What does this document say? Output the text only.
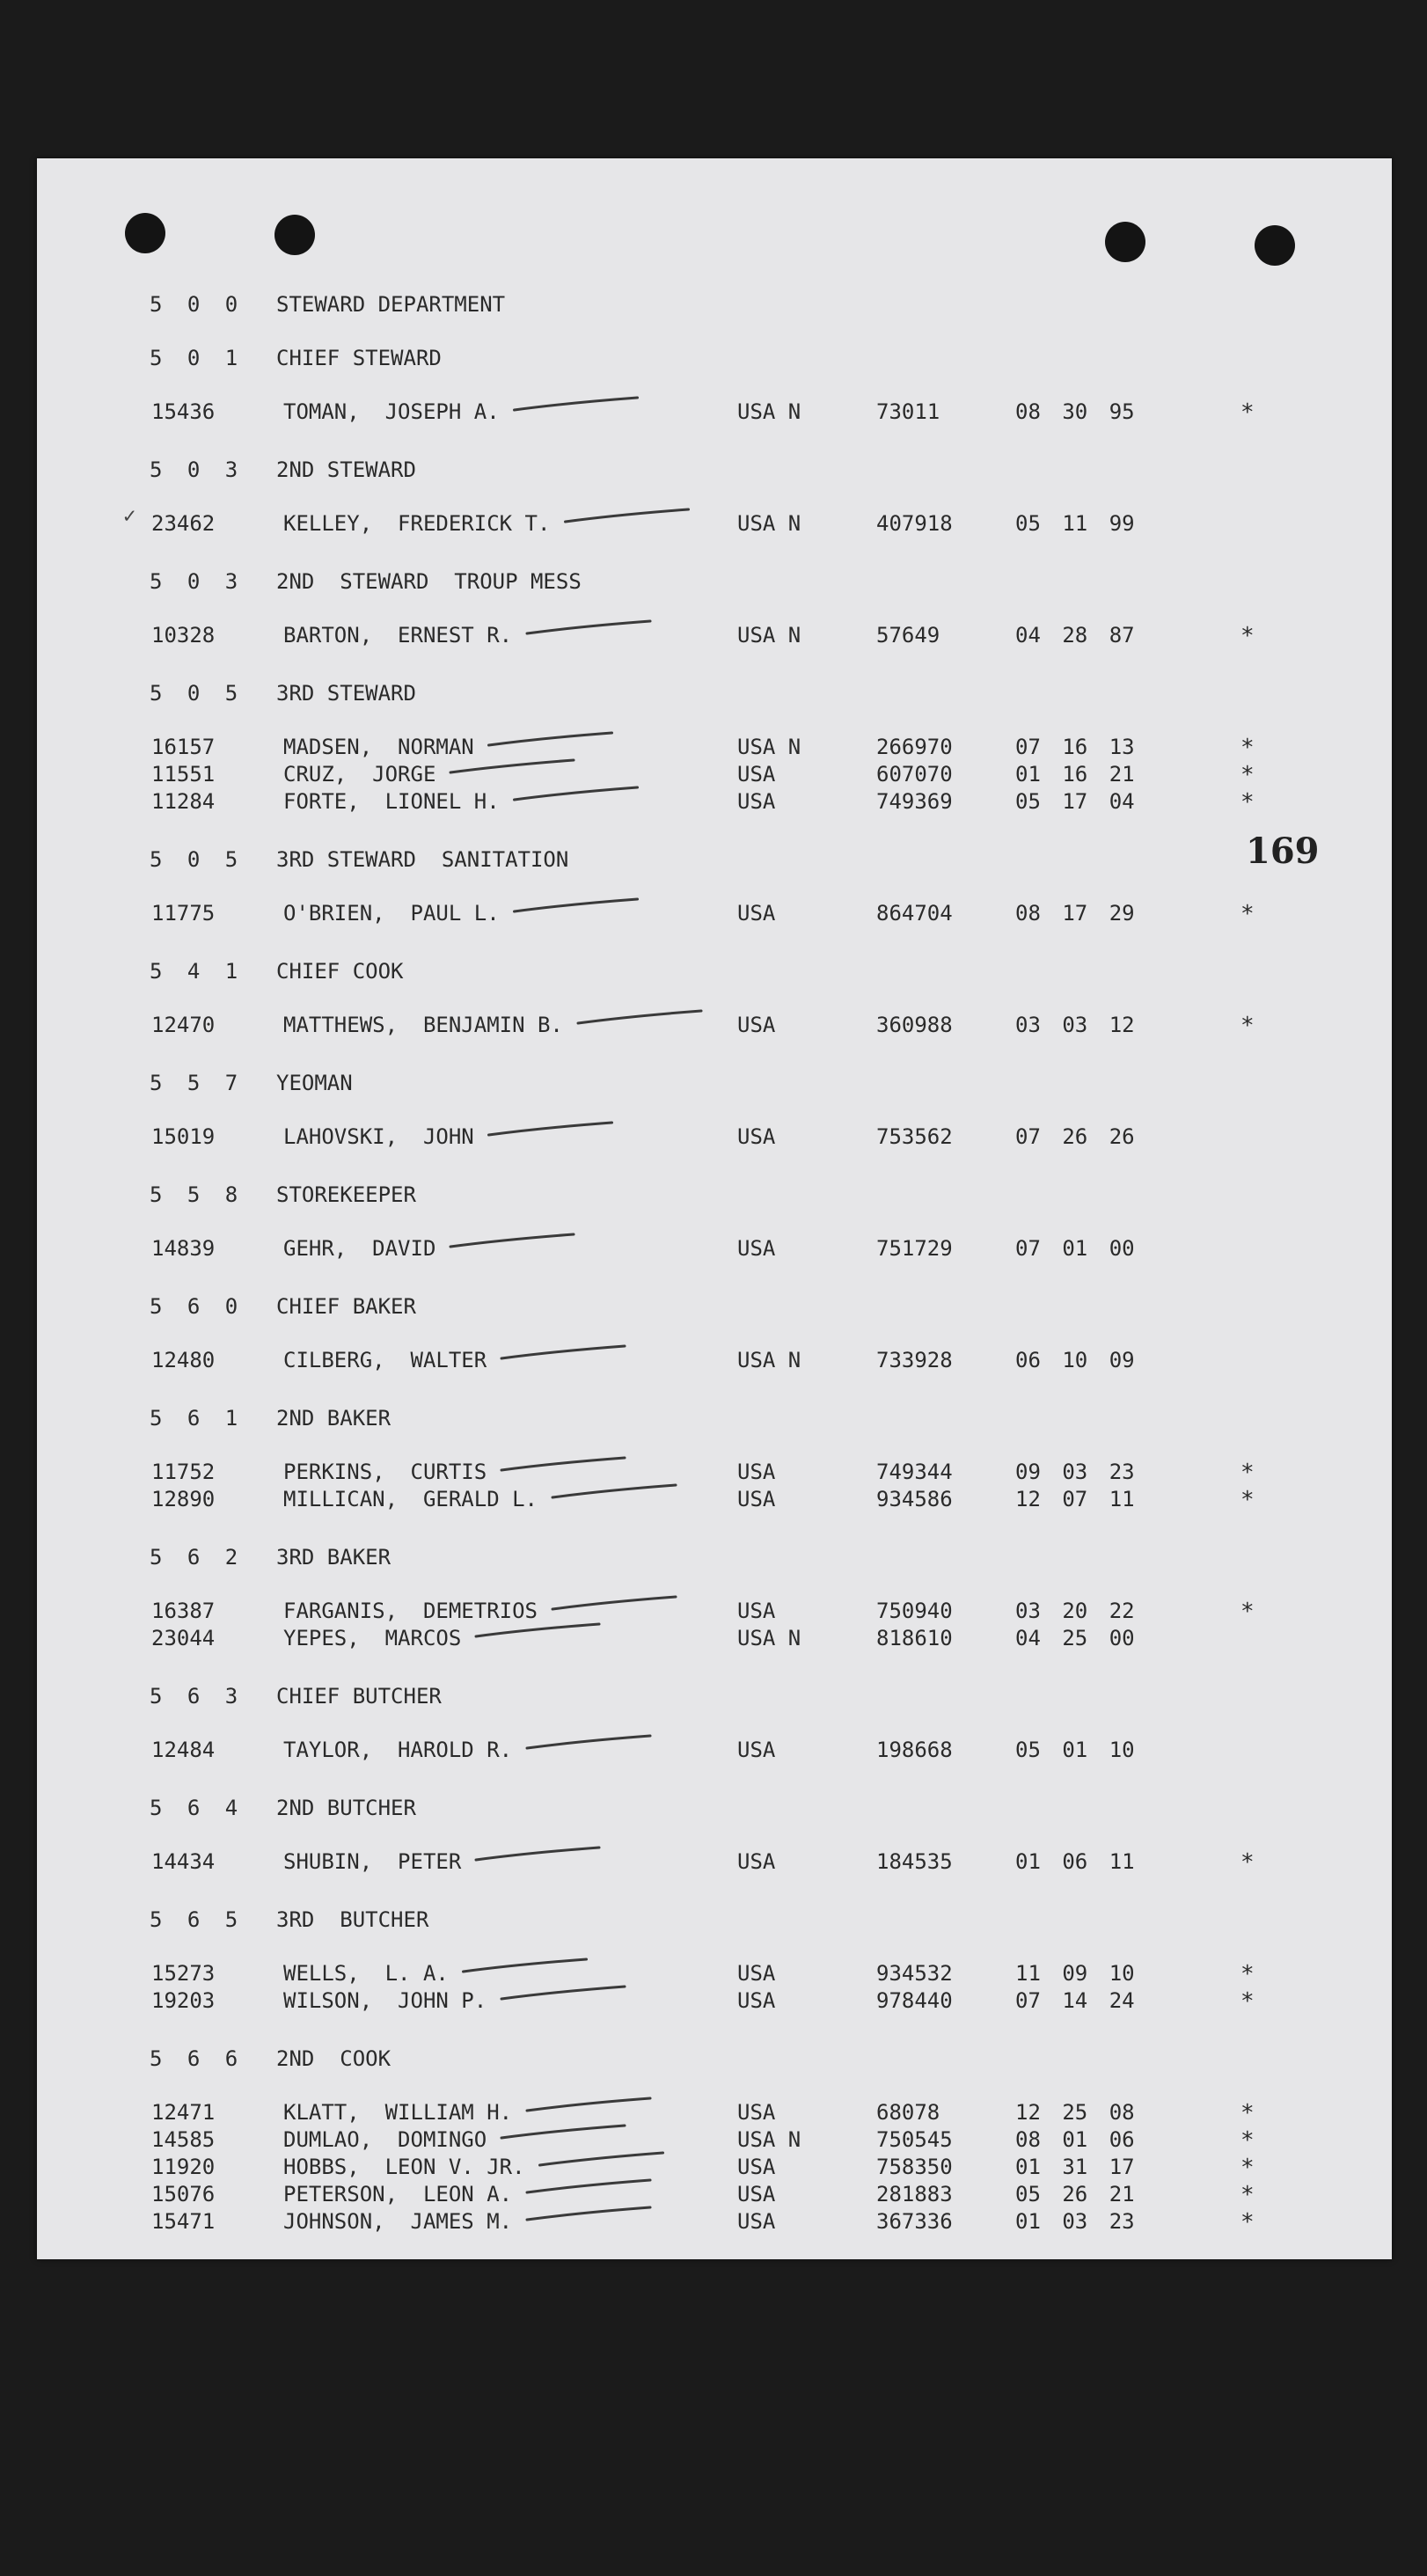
169
✓
5 0 0 STEWARD DEPARTMENT
5 0 1 CHIEF STEWARD
15436	TOMAN,  JOSEPH A.	USA N	73011	08 30 95	*
5 0 3 2ND STEWARD
23462	KELLEY,  FREDERICK T.	USA N	407918	05 11 99
5 0 3 2ND  STEWARD  TROUP MESS
10328	BARTON,  ERNEST R.	USA N	57649	04 28 87	*
5 0 5 3RD STEWARD
16157	MADSEN,  NORMAN	USA N	266970	07 16 13	*
11551	CRUZ,  JORGE	USA	607070	01 16 21	*
11284	FORTE,  LIONEL H.	USA	749369	05 17 04	*
5 0 5 3RD STEWARD  SANITATION
11775	O'BRIEN,  PAUL L.	USA	864704	08 17 29	*
5 4 1 CHIEF COOK
12470	MATTHEWS,  BENJAMIN B.	USA	360988	03 03 12	*
5 5 7 YEOMAN
15019	LAHOVSKI,  JOHN	USA	753562	07 26 26
5 5 8 STOREKEEPER
14839	GEHR,  DAVID	USA	751729	07 01 00
5 6 0 CHIEF BAKER
12480	CILBERG,  WALTER	USA N	733928	06 10 09
5 6 1 2ND BAKER
11752	PERKINS,  CURTIS	USA	749344	09 03 23	*
12890	MILLICAN,  GERALD L.	USA	934586	12 07 11	*
5 6 2 3RD BAKER
16387	FARGANIS,  DEMETRIOS	USA	750940	03 20 22	*
23044	YEPES,  MARCOS	USA N	818610	04 25 00
5 6 3 CHIEF BUTCHER
12484	TAYLOR,  HAROLD R.	USA	198668	05 01 10
5 6 4 2ND BUTCHER
14434	SHUBIN,  PETER	USA	184535	01 06 11	*
5 6 5 3RD  BUTCHER
15273	WELLS,  L. A.	USA	934532	11 09 10	*
19203	WILSON,  JOHN P.	USA	978440	07 14 24	*
5 6 6 2ND  COOK
12471	KLATT,  WILLIAM H.	USA	68078	12 25 08	*
14585	DUMLAO,  DOMINGO	USA N	750545	08 01 06	*
11920	HOBBS,  LEON V. JR.	USA	758350	01 31 17	*
15076	PETERSON,  LEON A.	USA	281883	05 26 21	*
15471	JOHNSON,  JAMES M.	USA	367336	01 03 23	*
